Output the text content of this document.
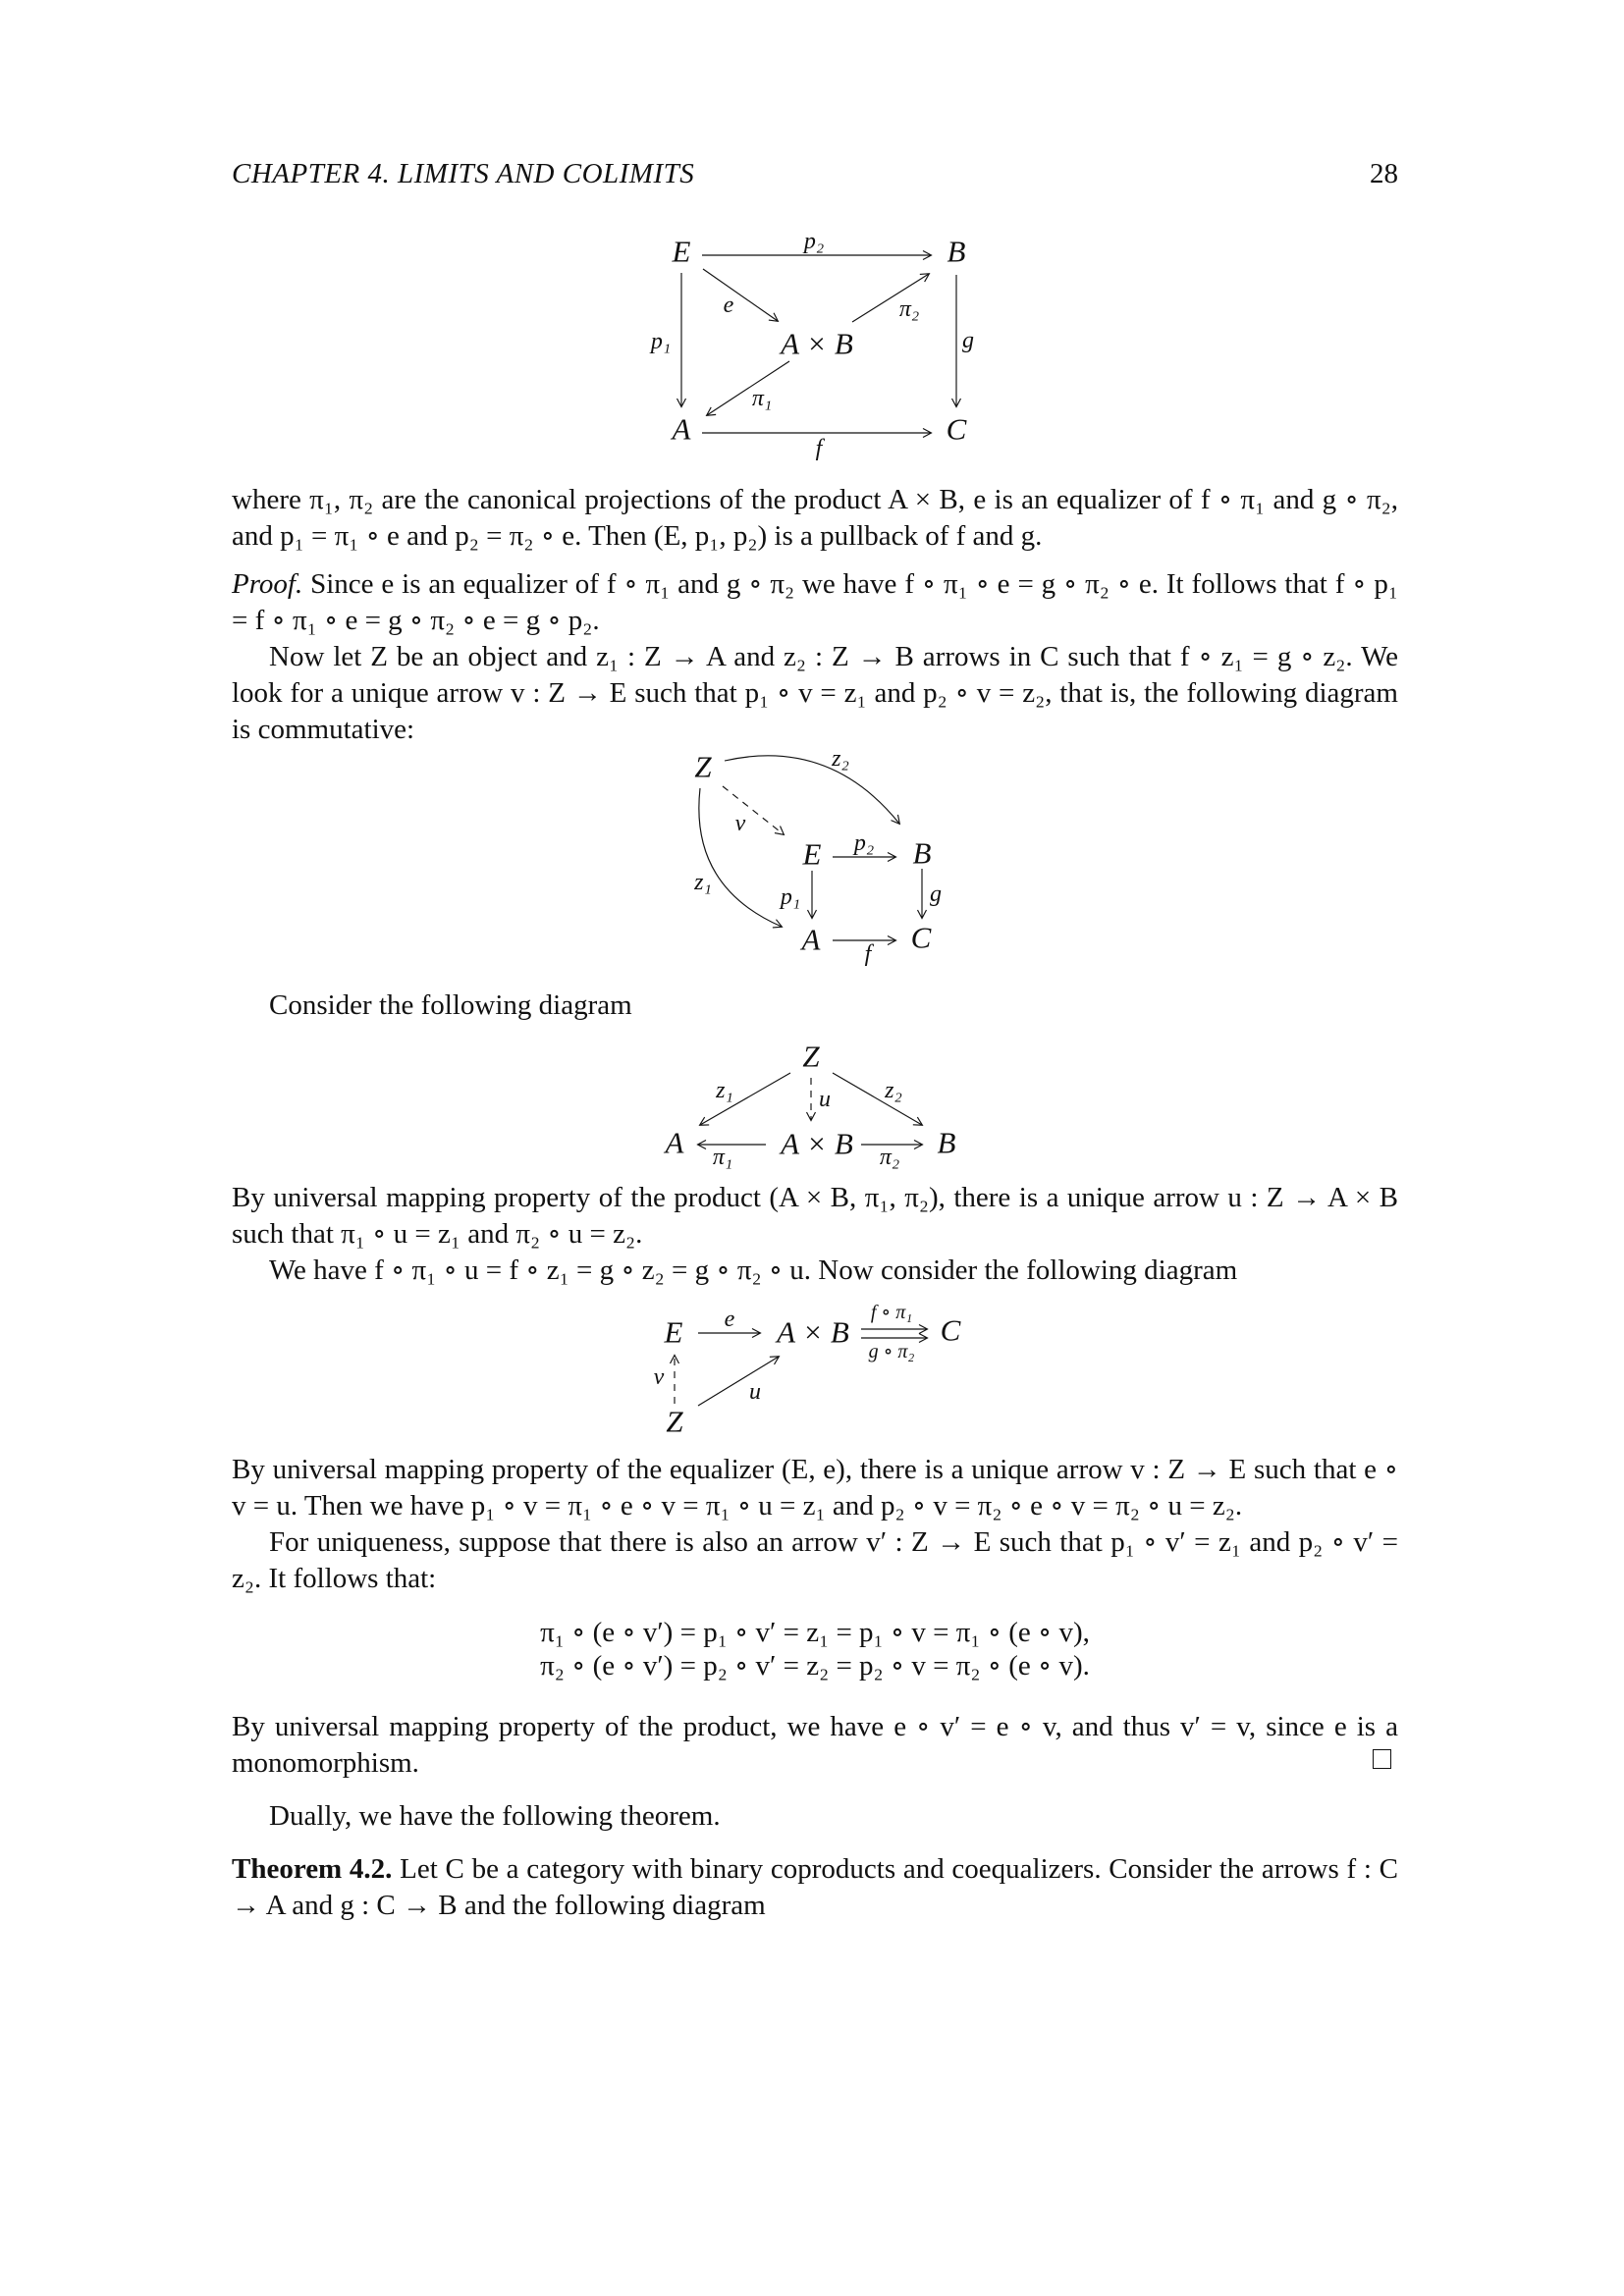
28
CHAPTER 4. LIMITS AND COLIMITS
E	B
A × B
A	C
p₂
e	π₂
p₁	g
π₁
f
where π₁, π₂ are the canonical projections of the product A × B, e is an equalizer of f ∘ π₁ and g ∘ π₂, and p₁ = π₁ ∘ e and p₂ = π₂ ∘ e. Then (E, p₁, p₂) is a pullback of f and g.
Proof. Since e is an equalizer of f ∘ π₁ and g ∘ π₂ we have f ∘ π₁ ∘ e = g ∘ π₂ ∘ e. It follows that f ∘ p₁ = f ∘ π₁ ∘ e = g ∘ π₂ ∘ e = g ∘ p₂.
Now let Z be an object and z₁ : Z → A and z₂ : Z → B arrows in C such that f ∘ z₁ = g ∘ z₂. We look for a unique arrow v : Z → E such that p₁ ∘ v = z₁ and p₂ ∘ v = z₂, that is, the following diagram is commutative:
Z
E	B
A	C
z₂
v
z₁
p₂
p₁	g
f
Consider the following diagram
Z
A	A × B	B
z₁	u z₂
π₁	π₂
By universal mapping property of the product (A × B, π₁, π₂), there is a unique arrow u : Z → A × B such that π₁ ∘ u = z₁ and π₂ ∘ u = z₂.
We have f ∘ π₁ ∘ u = f ∘ z₁ = g ∘ z₂ = g ∘ π₂ ∘ u. Now consider the following diagram
E	A × B	C
Z
e	f ∘ π₁
g ∘ π₂
v
u
By universal mapping property of the equalizer (E, e), there is a unique arrow v : Z → E such that e ∘ v = u. Then we have p₁ ∘ v = π₁ ∘ e ∘ v = π₁ ∘ u = z₁ and p₂ ∘ v = π₂ ∘ e ∘ v = π₂ ∘ u = z₂.
For uniqueness, suppose that there is also an arrow v′ : Z → E such that p₁ ∘ v′ = z₁ and p₂ ∘ v′ = z₂. It follows that:
π₁ ∘ (e ∘ v′) = p₁ ∘ v′ = z₁ = p₁ ∘ v = π₁ ∘ (e ∘ v),
π₂ ∘ (e ∘ v′) = p₂ ∘ v′ = z₂ = p₂ ∘ v = π₂ ∘ (e ∘ v).
By universal mapping property of the product, we have e ∘ v′ = e ∘ v, and thus v′ = v, since e is a monomorphism.
Dually, we have the following theorem.
Theorem 4.2. Let C be a category with binary coproducts and coequalizers. Consider the arrows f : C → A and g : C → B and the following diagram
